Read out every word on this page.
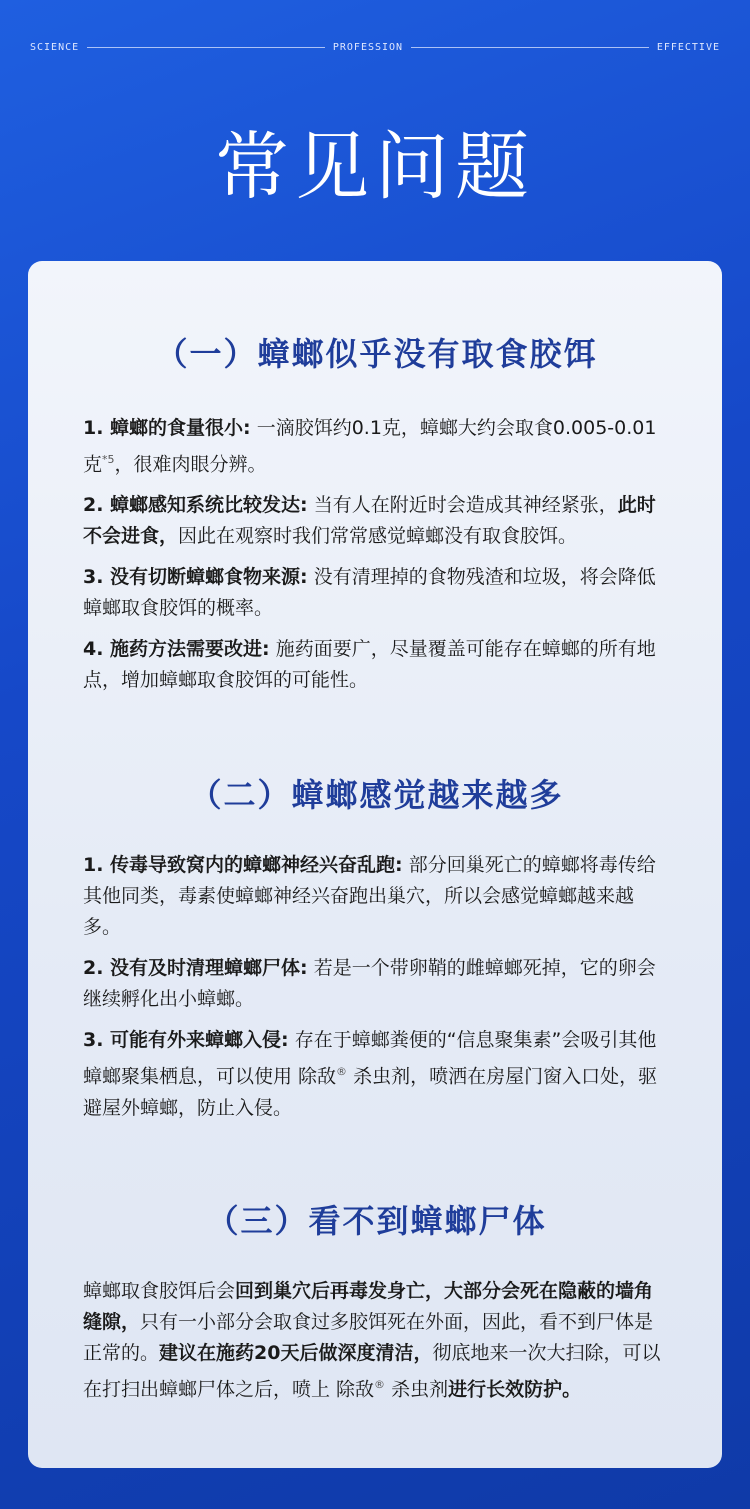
SCIENCE	PROFESSION	EFFECTIVE
常见问题
（一）蟑螂似乎没有取食胶饵
1. 蟑螂的食量很小: 一滴胶饵约0.1克，蟑螂大约会取食0.005-0.01克$^{*5}$，很难肉眼分辨。
2. 蟑螂感知系统比较发达: 当有人在附近时会造成其神经紧张，此时不会进食，因此在观察时我们常常感觉蟑螂没有取食胶饵。
3. 没有切断蟑螂食物来源: 没有清理掉的食物残渣和垃圾，将会降低蟑螂取食胶饵的概率。
4. 施药方法需要改进: 施药面要广，尽量覆盖可能存在蟑螂的所有地点，增加蟑螂取食胶饵的可能性。
（二）蟑螂感觉越来越多
1. 传毒导致窝内的蟑螂神经兴奋乱跑: 部分回巢死亡的蟑螂将毒传给其他同类，毒素使蟑螂神经兴奋跑出巢穴，所以会感觉蟑螂越来越多。
2. 没有及时清理蟑螂尸体: 若是一个带卵鞘的雌蟑螂死掉，它的卵会继续孵化出小蟑螂。
3. 可能有外来蟑螂入侵: 存在于蟑螂粪便的“信息聚集素”会吸引其他蟑螂聚集栖息，可以使用 除敌® 杀虫剂，喷洒在房屋门窗入口处，驱避屋外蟑螂，防止入侵。
（三）看不到蟑螂尸体
蟑螂取食胶饵后会回到巢穴后再毒发身亡，大部分会死在隐蔽的墙角缝隙，只有一小部分会取食过多胶饵死在外面，因此，看不到尸体是正常的。建议在施药20天后做深度清洁，彻底地来一次大扫除，可以在打扫出蟑螂尸体之后，喷上 除敌® 杀虫剂进行长效防护。
